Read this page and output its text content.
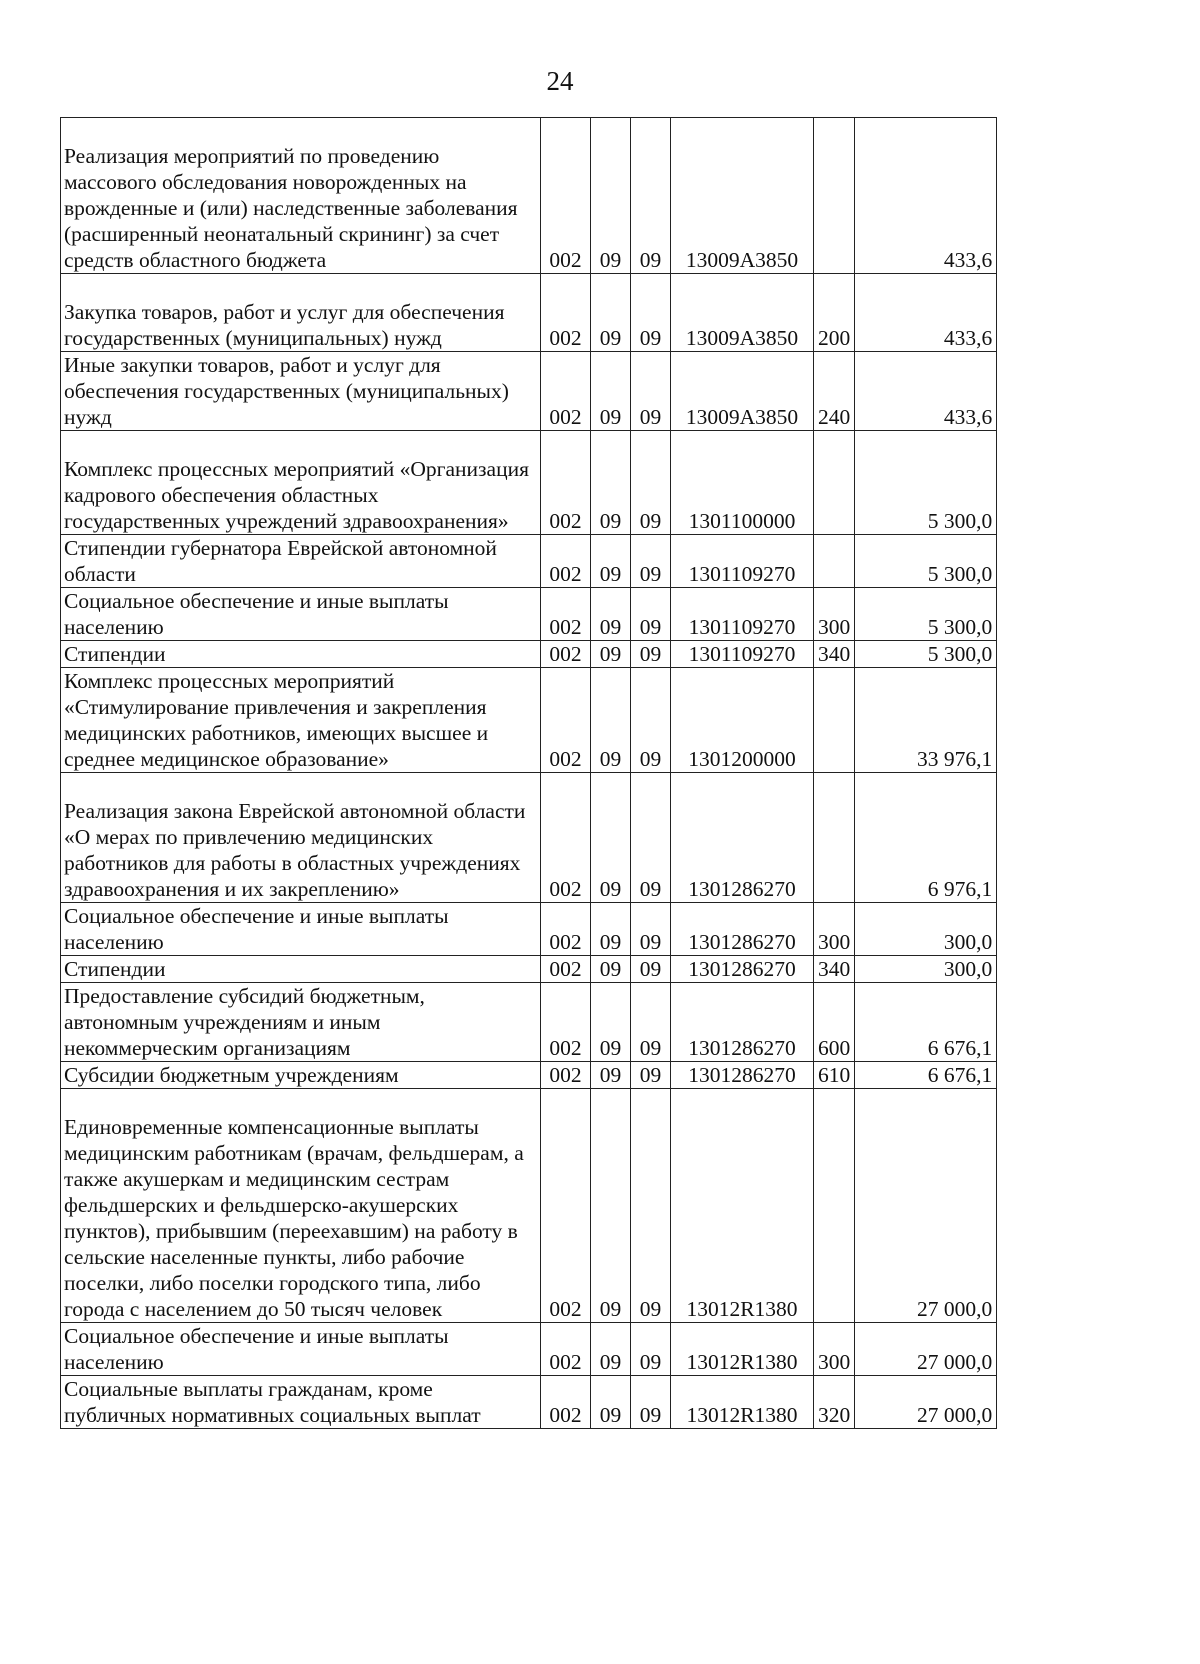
24
Реализация мероприятий по проведению массового обследования новорожденных на врожденные и (или) наследственные заболевания (расширенный неонатальный скрининг) за счет средств областного бюджета	002	09	09	13009А3850		433,6
Закупка товаров, работ и услуг для обеспечения государственных (муниципальных) нужд	002	09	09	13009А3850	200	433,6
Иные закупки товаров, работ и услуг для обеспечения государственных (муниципальных) нужд	002	09	09	13009А3850	240	433,6
Комплекс процессных мероприятий «Организация кадрового обеспечения областных государственных учреждений здравоохранения»	002	09	09	1301100000		5 300,0
Стипендии губернатора Еврейской автономной области	002	09	09	1301109270		5 300,0
Социальное обеспечение и иные выплаты населению	002	09	09	1301109270	300	5 300,0
Стипендии	002	09	09	1301109270	340	5 300,0
Комплекс процессных мероприятий «Стимулирование привлечения и закрепления медицинских работников, имеющих высшее и среднее медицинское образование»	002	09	09	1301200000		33 976,1
Реализация закона Еврейской автономной области «О мерах по привлечению медицинских работников для работы в областных учреждениях здравоохранения и их закреплению»	002	09	09	1301286270		6 976,1
Социальное обеспечение и иные выплаты населению	002	09	09	1301286270	300	300,0
Стипендии	002	09	09	1301286270	340	300,0
Предоставление субсидий бюджетным, автономным учреждениям и иным некоммерческим организациям	002	09	09	1301286270	600	6 676,1
Субсидии бюджетным учреждениям	002	09	09	1301286270	610	6 676,1
Единовременные компенсационные выплаты медицинским работникам (врачам, фельдшерам, а также акушеркам и медицинским сестрам фельдшерских и фельдшерско-акушерских пунктов), прибывшим (переехавшим) на работу в сельские населенные пункты, либо рабочие поселки, либо поселки городского типа, либо города с населением до 50 тысяч человек	002	09	09	13012R1380		27 000,0
Социальное обеспечение и иные выплаты населению	002	09	09	13012R1380	300	27 000,0
Социальные выплаты гражданам, кроме публичных нормативных социальных выплат	002	09	09	13012R1380	320	27 000,0
